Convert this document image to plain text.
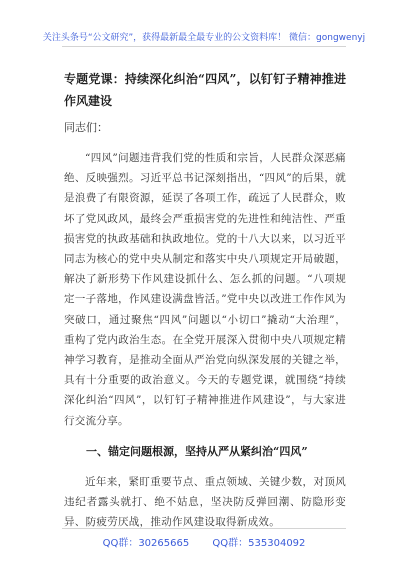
关注头条号“公文研究”，获得最新最全最专业的公文资料库！ 微信：gongwenyj
专题党课：持续深化纠治“四风”，以钉钉子精神推进作风建设
同志们：

“四风”问题违背我们党的性质和宗旨，人民群众深恶痛绝、反映强烈。习近平总书记深刻指出，“四风”的后果，就是浪费了有限资源，延误了各项工作，疏远了人民群众，败坏了党风政风，最终会严重损害党的先进性和纯洁性、严重损害党的执政基础和执政地位。党的十八大以来，以习近平同志为核心的党中央从制定和落实中央八项规定开局破题，解决了新形势下作风建设抓什么、怎么抓的问题。“八项规定一子落地，作风建设满盘皆活。”党中央以改进工作作风为突破口，通过聚焦“四风”问题以“小切口”撬动“大治理”，重构了党内政治生态。在全党开展深入贯彻中央八项规定精神学习教育，是推动全面从严治党向纵深发展的关键之举，具有十分重要的政治意义。今天的专题党课，就围绕“持续深化纠治“四风”，以钉钉子精神推进作风建设”，与大家进行交流分享。

一、锚定问题根源，坚持从严从紧纠治“四风”

近年来，紧盯重要节点、重点领域、关键少数，对顶风违纪者露头就打、绝不姑息，坚决防反弹回潮、防隐形变异、防疲劳厌战，推动作风建设取得新成效。

QQ群：30265665 QQ群：535304092
